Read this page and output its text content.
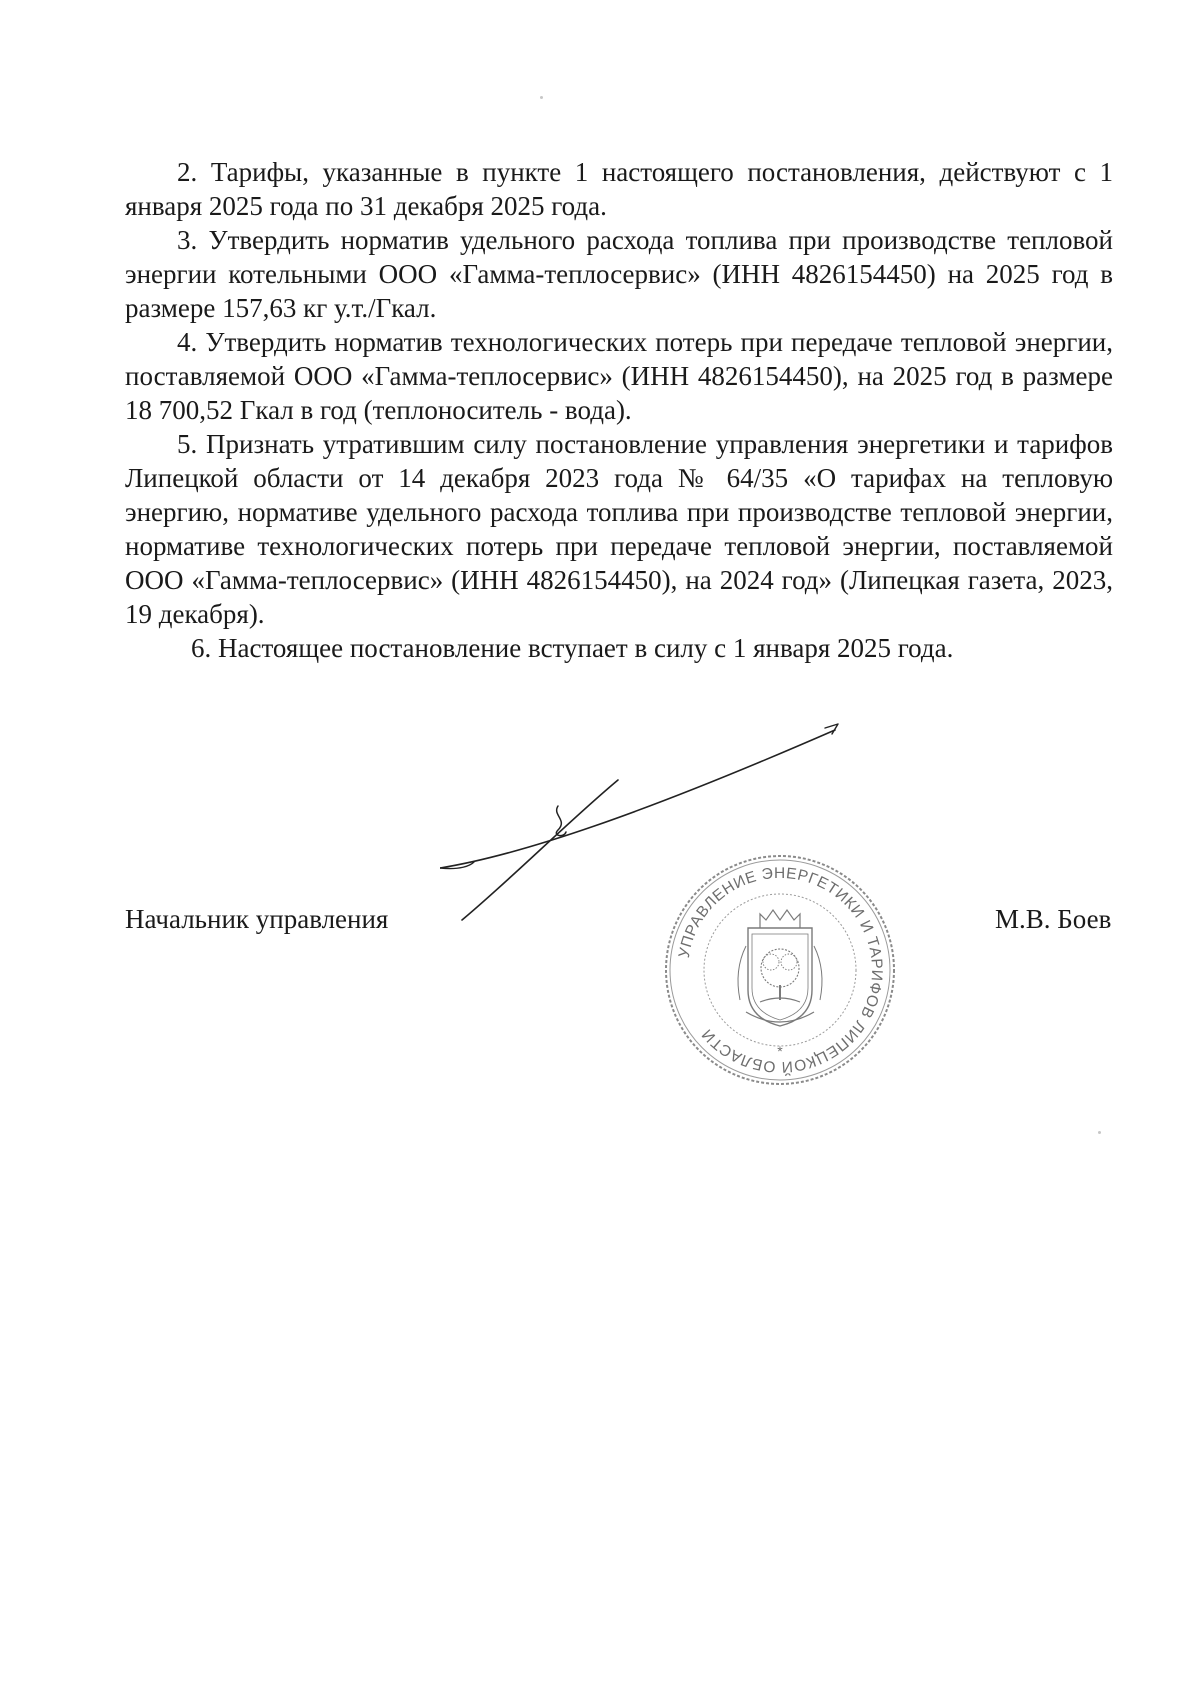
2. Тарифы, указанные в пункте 1 настоящего постановления, действуют с 1 января 2025 года по 31 декабря 2025 года.

3. Утвердить норматив удельного расхода топлива при производстве тепловой энергии котельными ООО «Гамма-теплосервис» (ИНН 4826154450) на 2025 год в размере 157,63 кг у.т./Гкал.

4. Утвердить норматив технологических потерь при передаче тепловой энергии, поставляемой ООО «Гамма-теплосервис» (ИНН 4826154450), на 2025 год в размере 18 700,52 Гкал в год (теплоноситель - вода).

5. Признать утратившим силу постановление управления энергетики и тарифов Липецкой области от 14 декабря 2023 года № 64/35 «О тарифах на тепловую энергию, нормативе удельного расхода топлива при производстве тепловой энергии, нормативе технологических потерь при передаче тепловой энергии, поставляемой ООО «Гамма-теплосервис» (ИНН 4826154450), на 2024 год» (Липецкая газета, 2023, 19 декабря).

6. Настоящее постановление вступает в силу с 1 января 2025 года.

Начальник управления
УПРАВЛЕНИЕ ЭНЕРГЕТИКИ И ТАРИФОВ ЛИПЕЦКОЙ ОБЛАСТИ
*
М.В. Боев
